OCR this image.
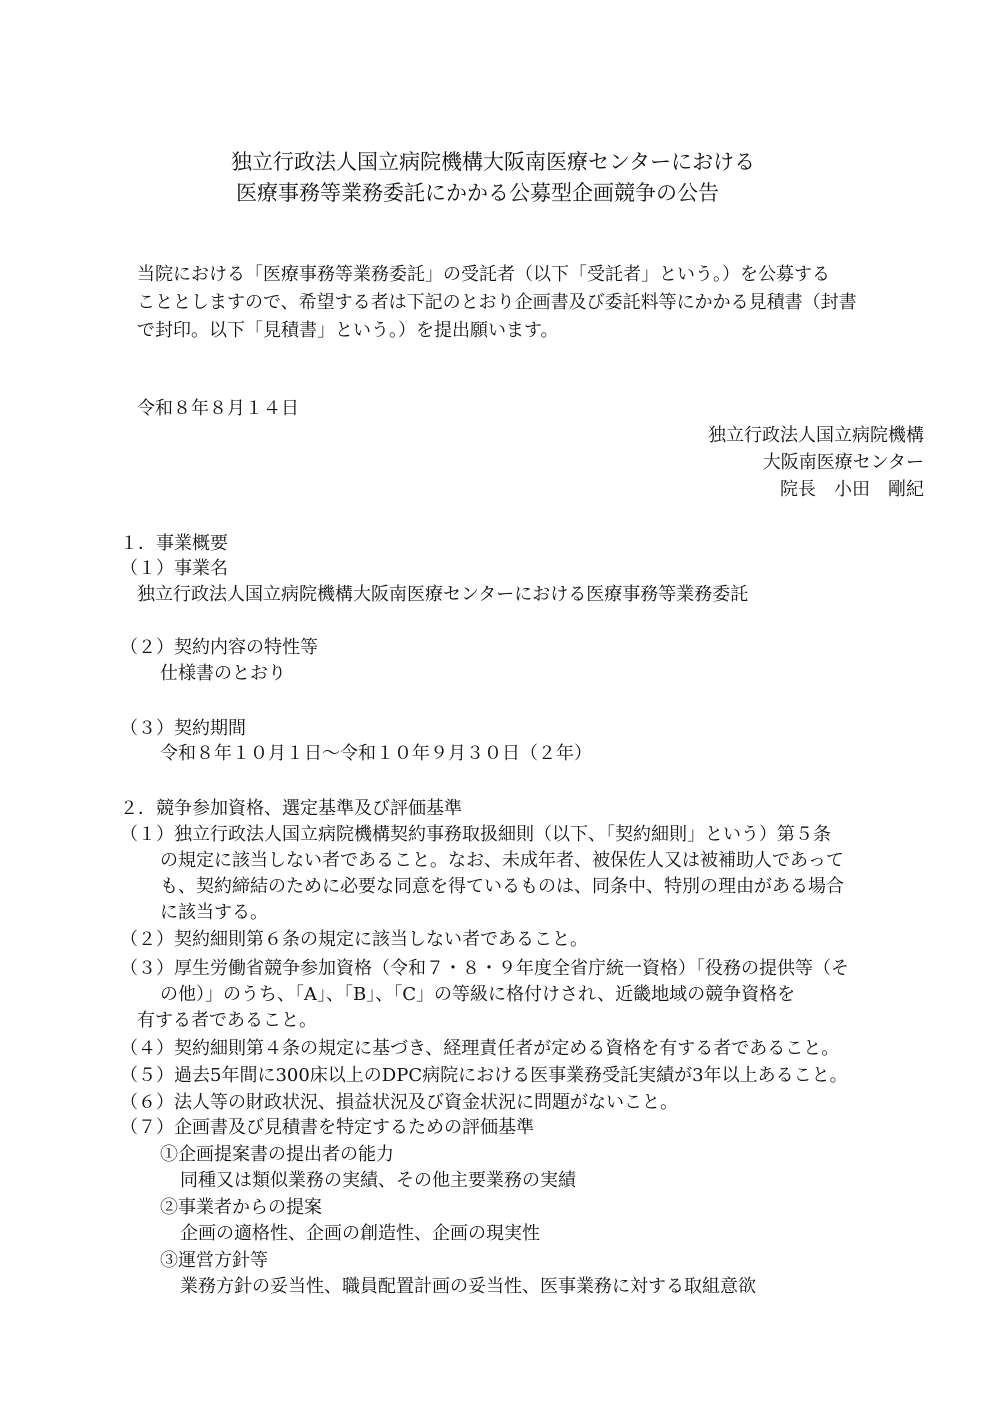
独立行政法人国立病院機構大阪南医療センターにおける
医療事務等業務委託にかかる公募型企画競争の公告
当院における「医療事務等業務委託」の受託者（以下「受託者」という。）を公募する
こととしますので、希望する者は下記のとおり企画書及び委託料等にかかる見積書（封書
で封印。以下「見積書」という。）を提出願います。
令和８年８月１４日
独立行政法人国立病院機構
大阪南医療センター
院長　小田　剛紀
１．事業概要
（１）事業名
独立行政法人国立病院機構大阪南医療センターにおける医療事務等業務委託
（２）契約内容の特性等
仕様書のとおり
（３）契約期間
令和８年１０月１日～令和１０年９月３０日（２年）
２．競争参加資格、選定基準及び評価基準
（１）独立行政法人国立病院機構契約事務取扱細則（以下、「契約細則」という）第５条
の規定に該当しない者であること。なお、未成年者、被保佐人又は被補助人であって
も、契約締結のために必要な同意を得ているものは、同条中、特別の理由がある場合
に該当する。
（２）契約細則第６条の規定に該当しない者であること。
（３）厚生労働省競争参加資格（令和７・８・９年度全省庁統一資格）「役務の提供等（そ
の他）」のうち、「A」、「B」、「C」の等級に格付けされ、近畿地域の競争資格を
有する者であること。
（４）契約細則第４条の規定に基づき、経理責任者が定める資格を有する者であること。
（５）過去5年間に300床以上のDPC病院における医事業務受託実績が3年以上あること。
（６）法人等の財政状況、損益状況及び資金状況に問題がないこと。
（７）企画書及び見積書を特定するための評価基準
①企画提案書の提出者の能力
同種又は類似業務の実績、その他主要業務の実績
②事業者からの提案
企画の適格性、企画の創造性、企画の現実性
③運営方針等
業務方針の妥当性、職員配置計画の妥当性、医事業務に対する取組意欲
